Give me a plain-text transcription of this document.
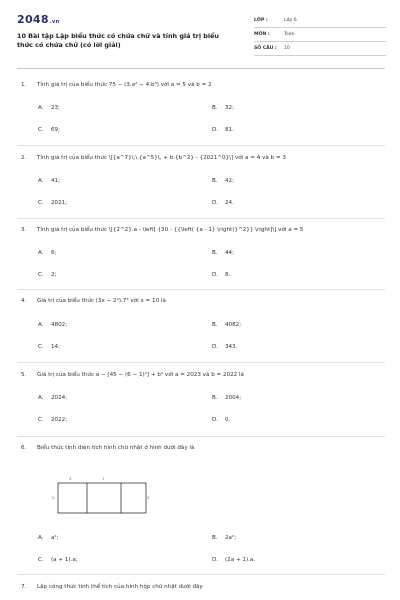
2048.vn
10 Bài tập Lập biểu thức có chứa chữ và tính giá trị biểu thức có chứa chữ (có lời giải)
LỚP :	Lớp 6
MÔN :	Toán
SỐ CÂU :	10
1. Tính giá trị của biểu thức 75 − (3.a² − 4.b³) với a = 5 và b = 2
A. 23;	B. 32;
C. 69;	D. 81.
2. Tính giá trị của biểu thức \[{a^7}\,\.{a^5}\, + b.{b^2} - {2021^0}\] với a = 4 và b = 3
A. 41;	B. 42;
C. 2021;	D. 24.
3. Tính giá trị của biểu thức \[{2^2}.a - \left[ {30 - {{\left( {a - 1} \right)}^2}} \right]\] với a = 5
A. 6;	B. 44;
C. 2;	D. 8.
4. Giá trị của biểu thức (3x − 2⁴).7³ với x = 10 là
A. 4802;	B. 4082;
C. 14;	D. 343.
5. Giá trị của biểu thức a − [45 − (6 − 1)²] + b⁰ với a = 2023 và b = 2022 là
A. 2024;	B. 2004;
C. 2022;	D. 0.
6. Biểu thức tính diện tích hình chữ nhật ở hình dưới đây là
a	1
a	a
A. a²;	B. 2a²;
C. (a + 1).a;	D. (2a + 1).a.
7. Lập công thức tính thể tích của hình hộp chữ nhật dưới đây
